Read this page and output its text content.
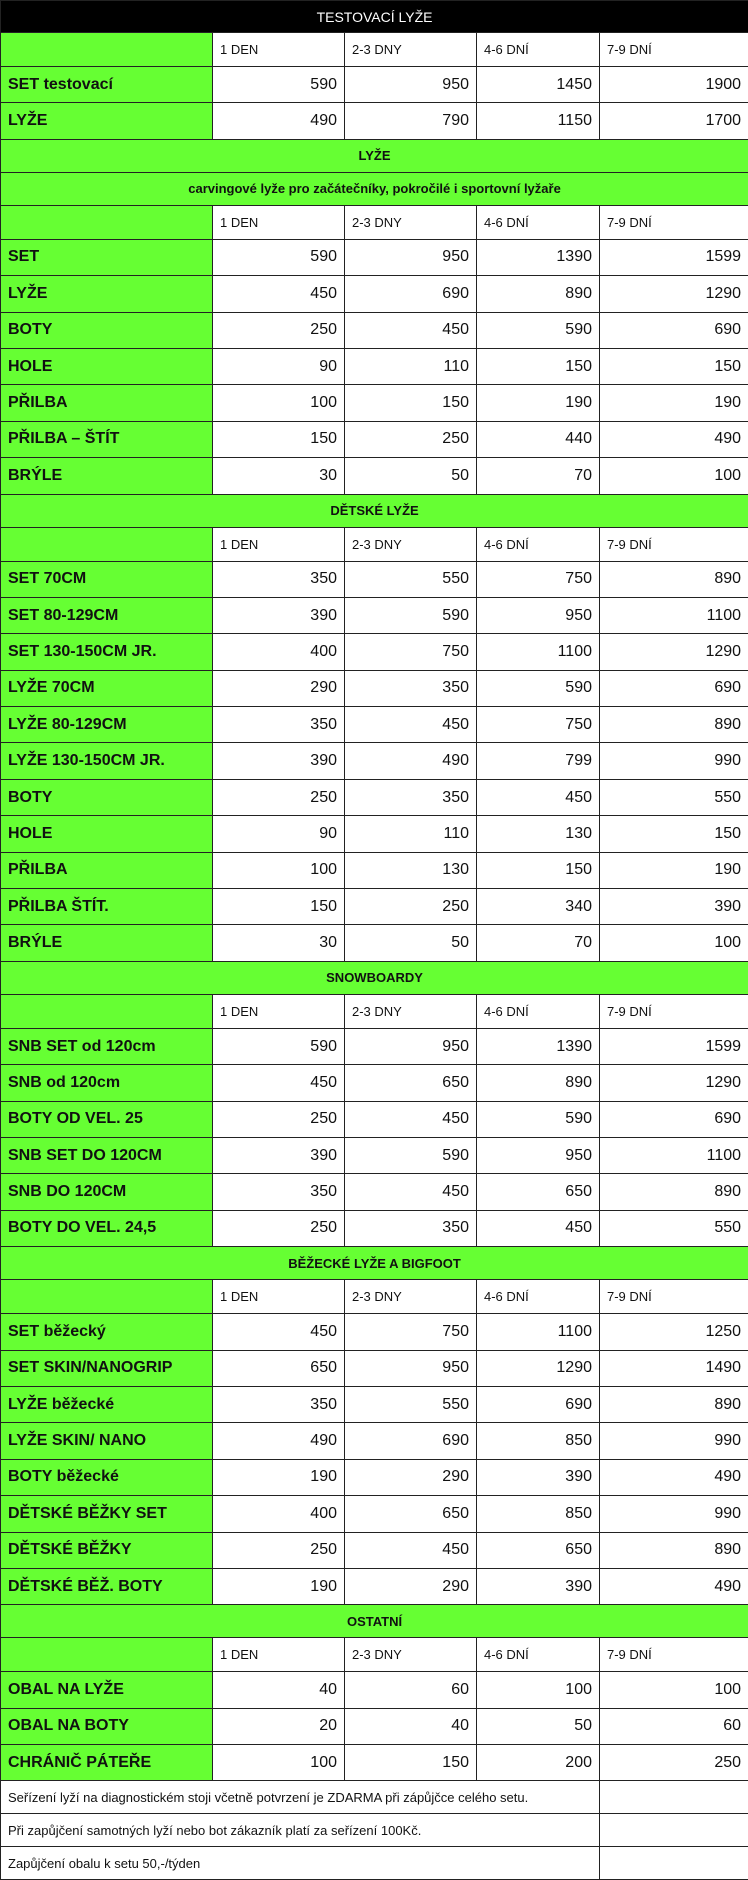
TESTOVACÍ LYŽE				
	1 DEN	2-3 DNY	4-6 DNÍ	7-9 DNÍ
SET testovací	590	950	1450	1900
LYŽE	490	790	1150	1700
LYŽE				
carvingové lyže pro začátečníky, pokročilé i sportovní lyžaře				
	1 DEN	2-3 DNY	4-6 DNÍ	7-9 DNÍ
SET	590	950	1390	1599
LYŽE	450	690	890	1290
BOTY	250	450	590	690
HOLE	90	110	150	150
PŘILBA	100	150	190	190
PŘILBA – ŠTÍT	150	250	440	490
BRÝLE	30	50	70	100
DĚTSKÉ LYŽE				
	1 DEN	2-3 DNY	4-6 DNÍ	7-9 DNÍ
SET 70CM	350	550	750	890
SET 80-129CM	390	590	950	1100
SET 130-150CM JR.	400	750	1100	1290
LYŽE 70CM	290	350	590	690
LYŽE 80-129CM	350	450	750	890
LYŽE 130-150CM JR.	390	490	799	990
BOTY	250	350	450	550
HOLE	90	110	130	150
PŘILBA	100	130	150	190
PŘILBA ŠTÍT.	150	250	340	390
BRÝLE	30	50	70	100
SNOWBOARDY				
	1 DEN	2-3 DNY	4-6 DNÍ	7-9 DNÍ
SNB SET od 120cm	590	950	1390	1599
SNB od 120cm	450	650	890	1290
BOTY OD VEL. 25	250	450	590	690
SNB SET DO 120CM	390	590	950	1100
SNB DO 120CM	350	450	650	890
BOTY DO VEL. 24,5	250	350	450	550
BĚŽECKÉ LYŽE A BIGFOOT				
	1 DEN	2-3 DNY	4-6 DNÍ	7-9 DNÍ
SET běžecký	450	750	1100	1250
SET SKIN/NANOGRIP	650	950	1290	1490
LYŽE běžecké	350	550	690	890
LYŽE SKIN/ NANO	490	690	850	990
BOTY běžecké	190	290	390	490
DĚTSKÉ BĚŽKY SET	400	650	850	990
DĚTSKÉ BĚŽKY	250	450	650	890
DĚTSKÉ BĚŽ. BOTY	190	290	390	490
OSTATNÍ				
	1 DEN	2-3 DNY	4-6 DNÍ	7-9 DNÍ
OBAL NA LYŽE	40	60	100	100
OBAL NA BOTY	20	40	50	60
CHRÁNIČ PÁTEŘE	100	150	200	250
Seřízení lyží na diagnostickém stoji včetně potvrzení je ZDARMA při zápůjčce celého setu.				
Při zapůjčení samotných lyží nebo bot zákazník platí za seřízení 100Kč.				
Zapůjčení obalu k setu 50,-/týden				
